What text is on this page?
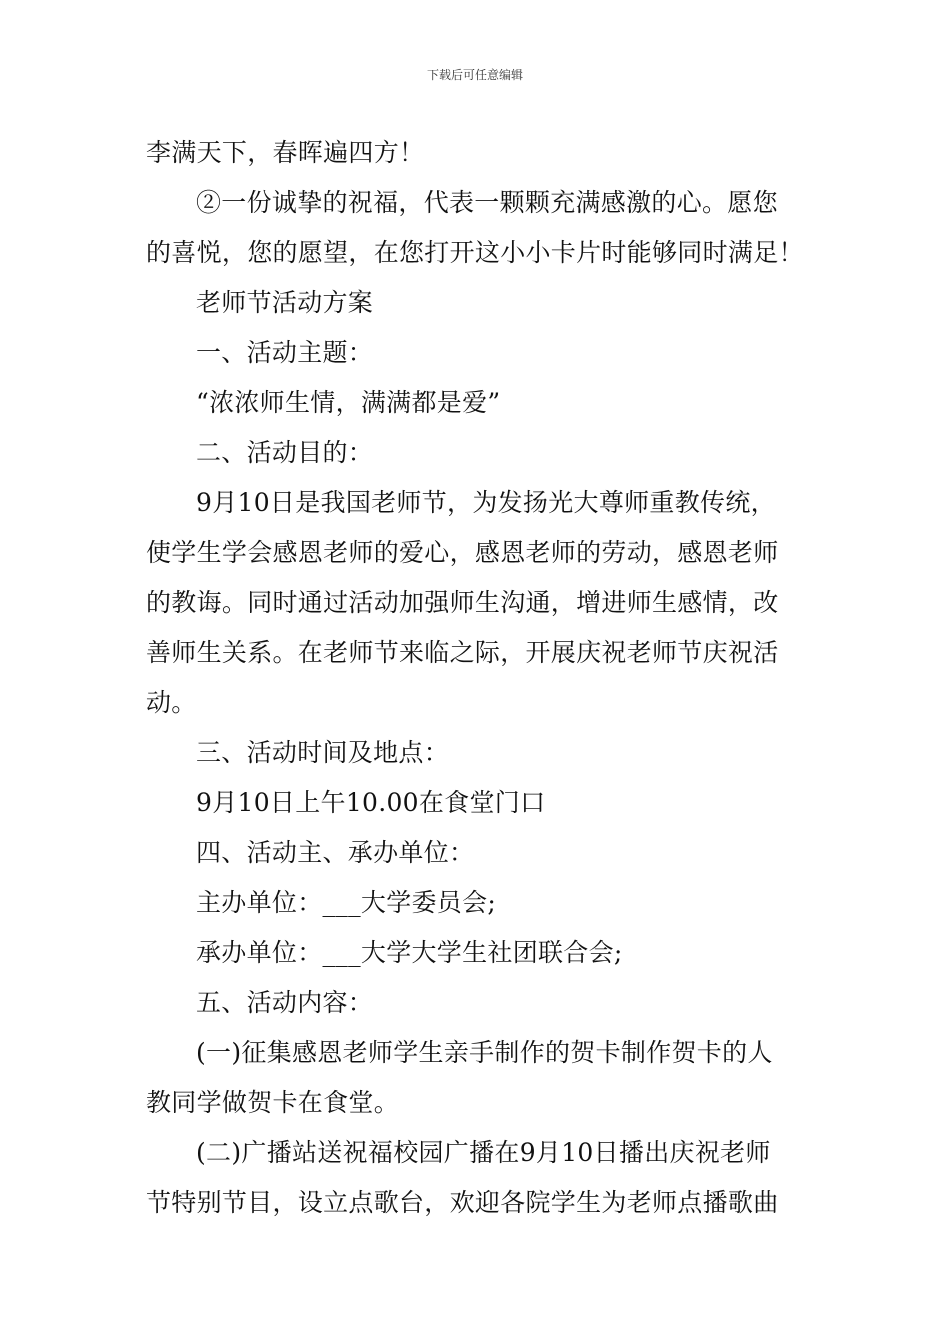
下载后可任意编辑
李满天下，春晖遍四方！
②一份诚挚的祝福，代表一颗颗充满感激的心。愿您
的喜悦，您的愿望，在您打开这小小卡片时能够同时满足！
老师节活动方案
一、活动主题：
“浓浓师生情，满满都是爱”
二、活动目的：
9月10日是我国老师节，为发扬光大尊师重教传统，
使学生学会感恩老师的爱心，感恩老师的劳动，感恩老师
的教诲。同时通过活动加强师生沟通，增进师生感情，改
善师生关系。在老师节来临之际，开展庆祝老师节庆祝活
动。
三、活动时间及地点：
9月10日上午10.00在食堂门口
四、活动主、承办单位：
主办单位：___大学委员会;
承办单位：___大学大学生社团联合会;
五、活动内容：
(一)征集感恩老师学生亲手制作的贺卡制作贺卡的人
教同学做贺卡在食堂。
(二)广播站送祝福校园广播在9月10日播出庆祝老师
节特别节目，设立点歌台，欢迎各院学生为老师点播歌曲
